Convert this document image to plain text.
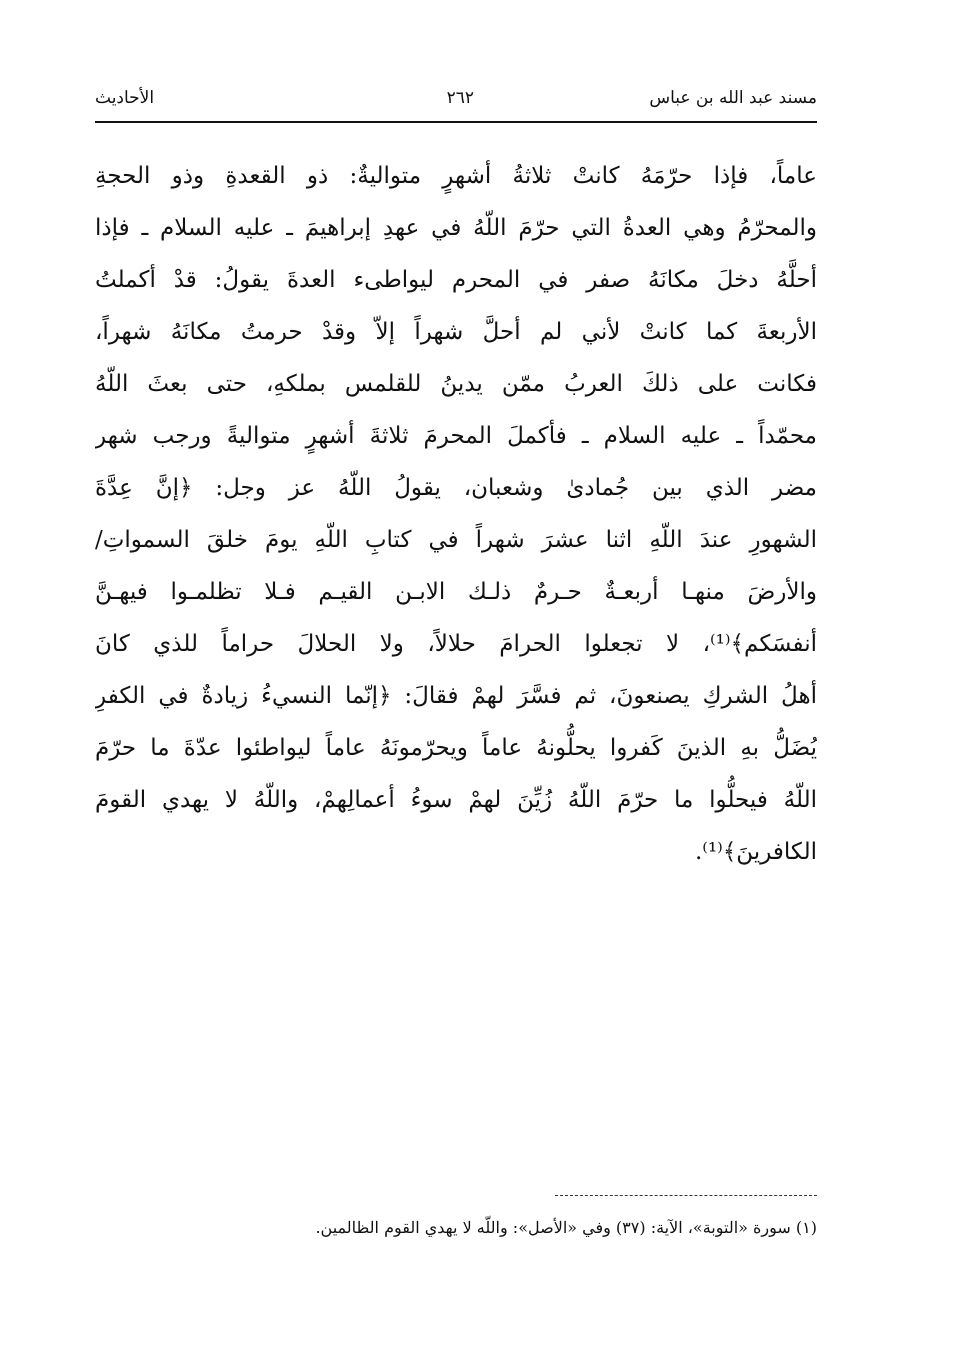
مسند عبد الله بن عباس
٢٦٢
الأحاديث
عاماً، فإذا حرّمَهُ كانتْ ثلاثةُ أشهرٍ متواليةٌ: ذو القعدةِ وذو الحجةِ
والمحرّمُ وهي العدةُ التي حرّمَ اللّهُ في عهدِ إبراهيمَ ـ عليه السلام ـ فإذا
أحلَّهُ دخلَ مكانَهُ صفر في المحرم ليواطىء العدةَ يقولُ: قدْ أكملتُ
الأربعةَ كما كانتْ لأني لم أحلَّ شهراً إلاّ وقدْ حرمتُ مكانَهُ شهراً،
فكانت على ذلكَ العربُ ممّن يدينُ للقلمس بملكهِ، حتى بعثَ اللّهُ
محمّداً ـ عليه السلام ـ فأكملَ المحرمَ ثلاثةَ أشهرٍ متواليةً ورجب شهر
مضر الذي بين جُمادىٰ وشعبان، يقولُ اللّهُ عز وجل: ﴿إنَّ عِدَّةَ
الشهورِ عندَ اللّهِ اثنا عشرَ شهراً في كتابِ اللّهِ يومَ خلقَ السمواتِ/
والأرضَ منهـا أربعـةٌ حـرمٌ ذلـك الابـن القيـم فـلا تظلمـوا فيهـنَّ
أنفسَكم﴾⁽¹⁾، لا تجعلوا الحرامَ حلالاً، ولا الحلالَ حراماً للذي كانَ
أهلُ الشركِ يصنعونَ، ثم فسَّرَ لهمْ فقالَ: ﴿إنّما النسيءُ زيادةٌ في الكفرِ
يُضَلُّ بهِ الذينَ كَفروا يحلُّونهُ عاماً ويحرّمونَهُ عاماً ليواطئوا عدّةَ ما حرّمَ
اللّهُ فيحلُّوا ما حرّمَ اللّهُ زُيِّنَ لهمْ سوءُ أعمالِهمْ، واللّهُ لا يهدي القومَ
الكافرينَ﴾⁽¹⁾.
(١) سورة «التوبة»، الآية: (٣٧) وفي «الأصل»: واللّه لا يهدي القوم الظالمين.
